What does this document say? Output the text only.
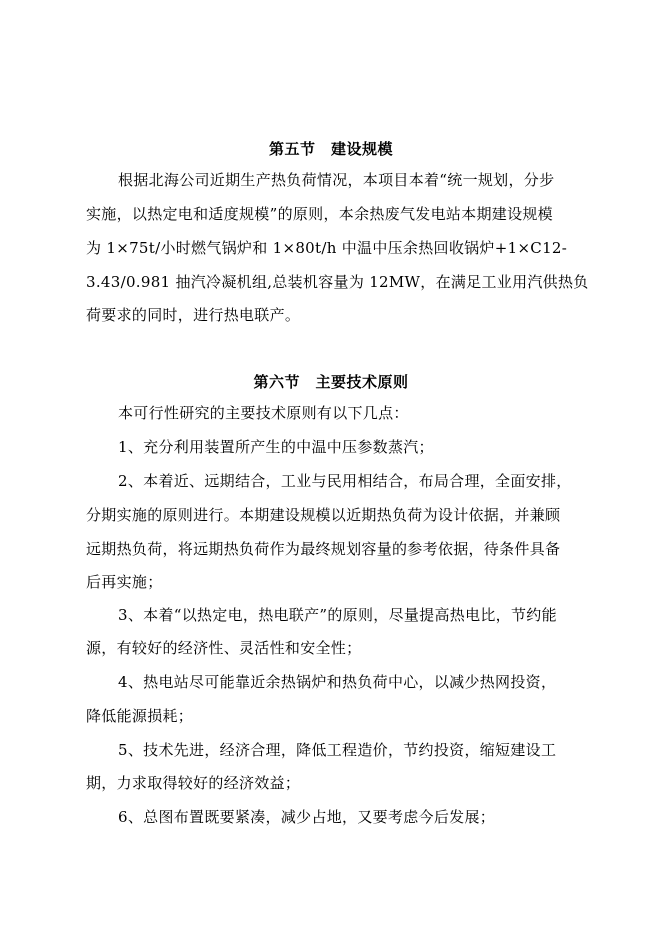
第五节　建设规模
根据北海公司近期生产热负荷情况，本项目本着“统一规划，分步
实施，以热定电和适度规模”的原则，本余热废气发电站本期建设规模
为 1×75t/小时燃气锅炉和 1×80t/h 中温中压余热回收锅炉+1×C12-
3.43/0.981 抽汽冷凝机组,总装机容量为 12MW，在满足工业用汽供热负
荷要求的同时，进行热电联产。
第六节　主要技术原则
本可行性研究的主要技术原则有以下几点：
1、充分利用装置所产生的中温中压参数蒸汽；
2、本着近、远期结合，工业与民用相结合，布局合理，全面安排，
分期实施的原则进行。本期建设规模以近期热负荷为设计依据，并兼顾
远期热负荷，将远期热负荷作为最终规划容量的参考依据，待条件具备
后再实施；
3、本着“以热定电，热电联产”的原则，尽量提高热电比，节约能
源，有较好的经济性、灵活性和安全性；
4、热电站尽可能靠近余热锅炉和热负荷中心，以减少热网投资，
降低能源损耗；
5、技术先进，经济合理，降低工程造价，节约投资，缩短建设工
期，力求取得较好的经济效益；
6、总图布置既要紧凑，减少占地，又要考虑今后发展；
